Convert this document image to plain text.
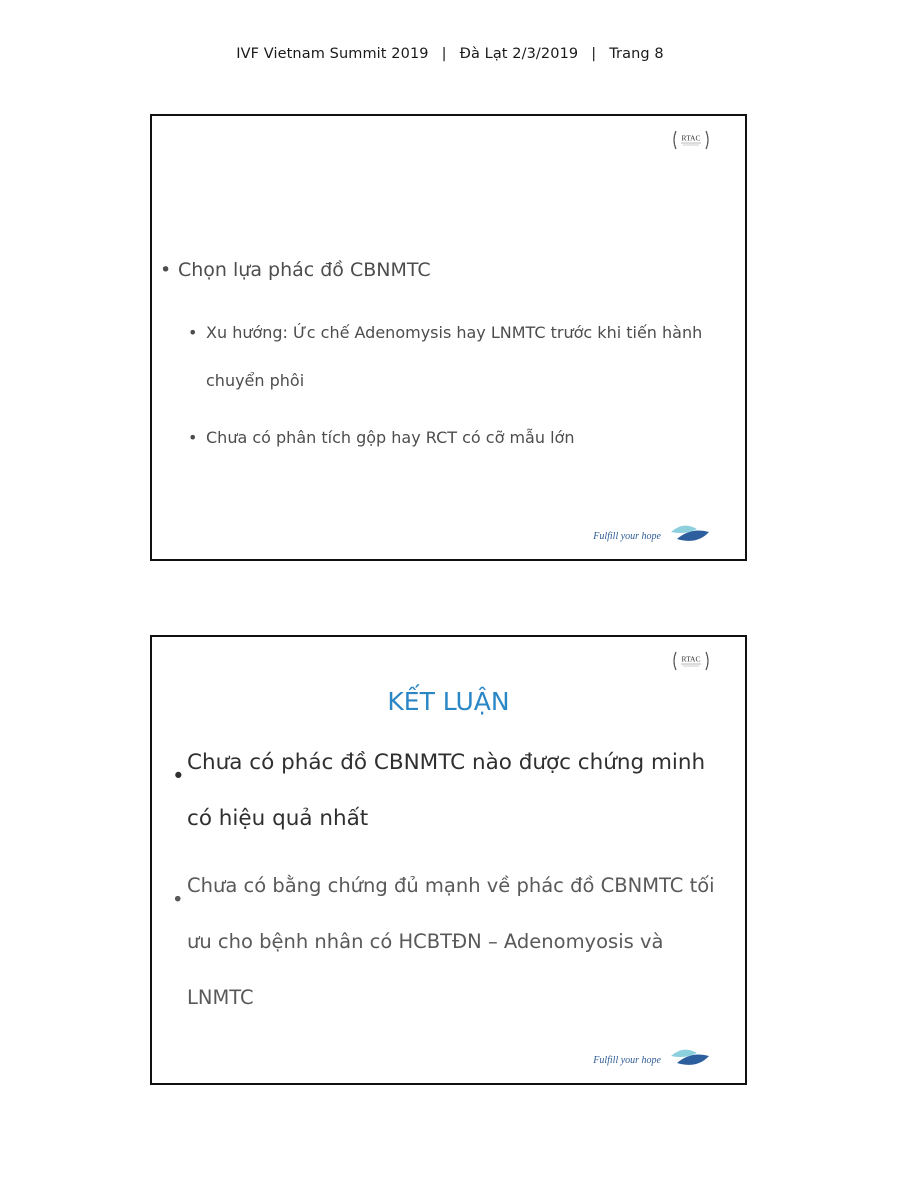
IVF Vietnam Summit 2019 | Đà Lạt 2/3/2019 | Trang 8
RTAC
• Chọn lựa phác đồ CBNMTC
• Xu hướng: Ức chế Adenomysis hay LNMTC trước khi tiến hành chuyển phôi
• Chưa có phân tích gộp hay RCT có cỡ mẫu lớn
Fulfill your hope
RTAC
KẾT LUẬN
•
Chưa có phác đồ CBNMTC nào được chứng minh có hiệu quả nhất
•
Chưa có bằng chứng đủ mạnh về phác đồ CBNMTC tối ưu cho bệnh nhân có HCBTĐN – Adenomyosis và LNMTC
Fulfill your hope
